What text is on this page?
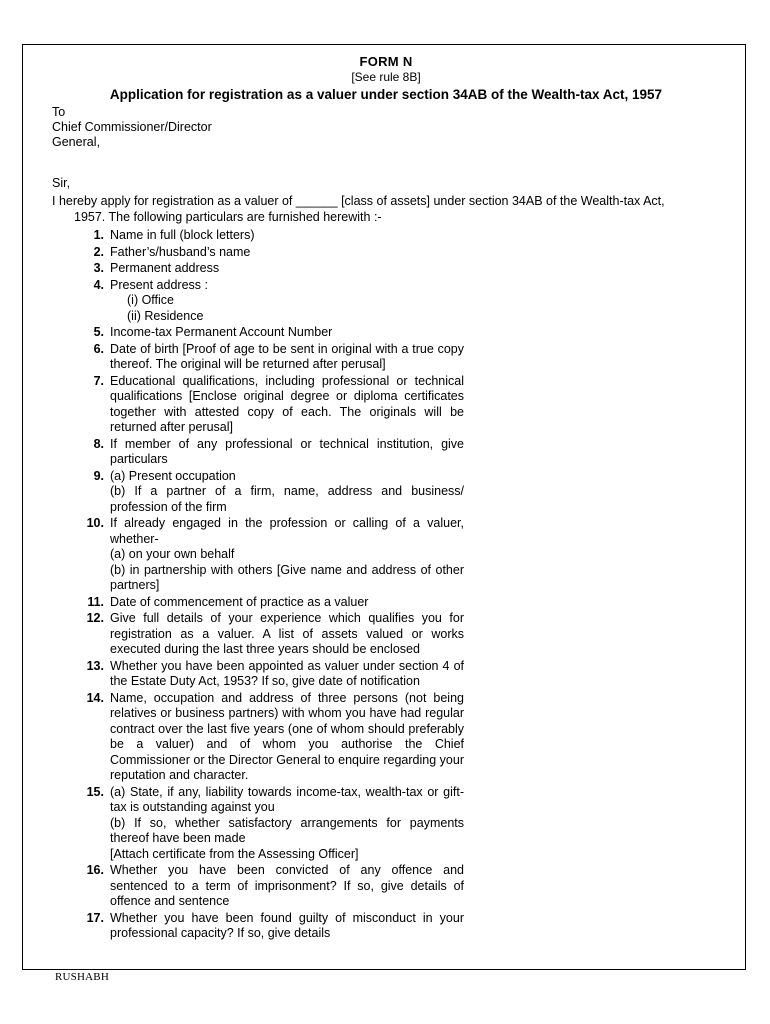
FORM N

[See rule 8B]

Application for registration as a valuer under section 34AB of the Wealth-tax Act, 1957

To

Chief Commissioner/Director

General,

Sir,

I hereby apply for registration as a valuer of ______ [class of assets] under section 34AB of the Wealth-tax Act,

1957. The following particulars are furnished herewith :-

1. Name in full (block letters)
2. Father’s/husband’s name
3. Permanent address
4. Present address :
(i) Office
(ii) Residence
5. Income-tax Permanent Account Number
6. Date of birth [Proof of age to be sent in original with a true copy thereof. The original will be returned after perusal]
7. Educational qualifications, including professional or technical qualifications [Enclose original degree or diploma certificates together with attested copy of each. The originals will be returned after perusal]
8. If member of any professional or technical institution, give particulars
9. (a) Present occupation
(b) If a partner of a firm, name, address and business/ profession of the firm
10. If already engaged in the profession or calling of a valuer, whether-
(a) on your own behalf
(b) in partnership with others [Give name and address of other partners]
11. Date of commencement of practice as a valuer
12. Give full details of your experience which qualifies you for registration as a valuer. A list of assets valued or works executed during the last three years should be enclosed
13. Whether you have been appointed as valuer under section 4 of the Estate Duty Act, 1953? If so, give date of notification
14. Name, occupation and address of three persons (not being relatives or business partners) with whom you have had regular contract over the last five years (one of whom should preferably be a valuer) and of whom you authorise the Chief Commissioner or the Director General to enquire regarding your reputation and character.
15. (a) State, if any, liability towards income-tax, wealth-tax or gift-tax is outstanding against you
(b) If so, whether satisfactory arrangements for payments thereof have been made
[Attach certificate from the Assessing Officer]
16. Whether you have been convicted of any offence and sentenced to a term of imprisonment? If so, give details of offence and sentence
17. Whether you have been found guilty of misconduct in your professional capacity? If so, give details
RUSHABH
